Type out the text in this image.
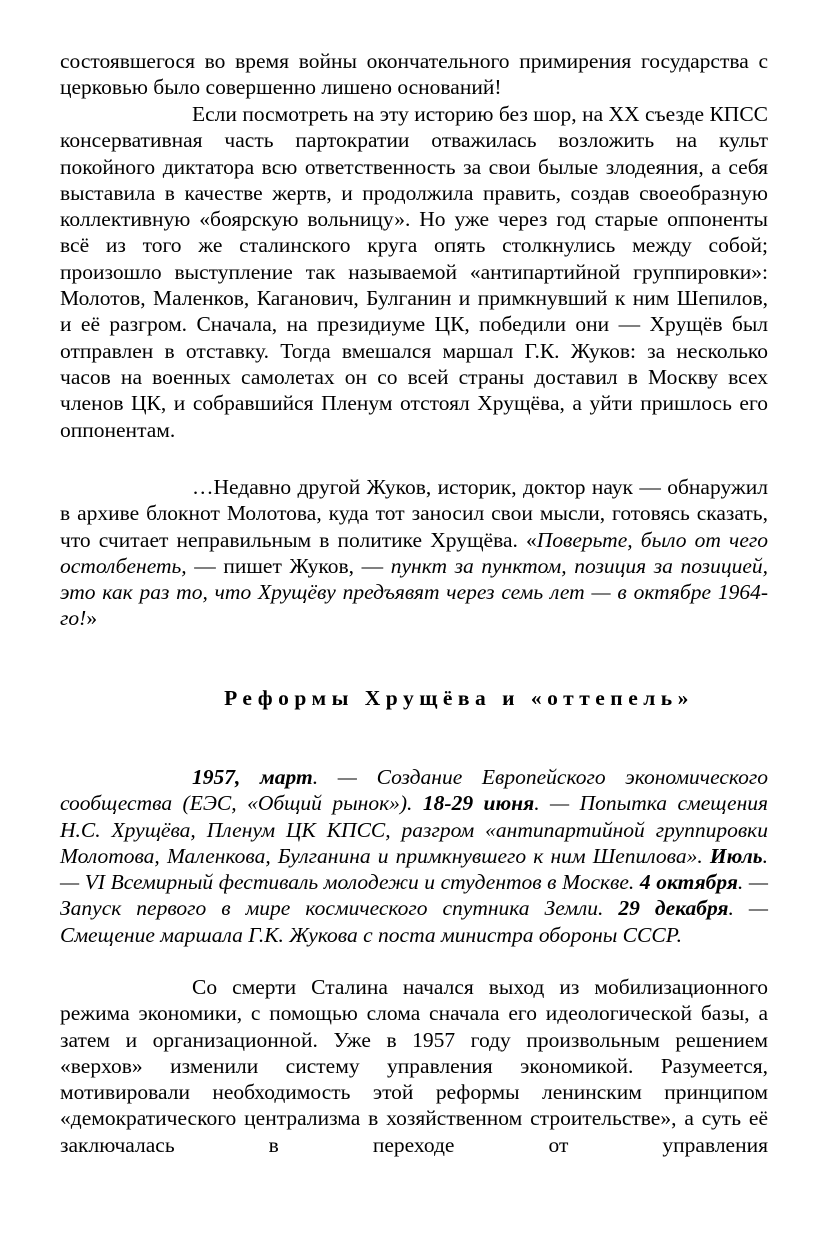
состоявшегося во время войны окончательного примирения государства с церковью было совершенно лишено оснований!

Если посмотреть на эту историю без шор, на XX съезде КПСС консервативная часть партократии отважилась возложить на культ покойного диктатора всю ответственность за свои былые злодеяния, а себя выставила в качестве жертв, и продолжила править, создав своеобразную коллективную «боярскую вольницу». Но уже через год старые оппоненты всё из того же сталинского круга опять столкнулись между собой; произошло выступление так называемой «антипартийной группировки»: Молотов, Маленков, Каганович, Булганин и примкнувший к ним Шепилов, и её разгром. Сначала, на президиуме ЦК, победили они — Хрущёв был отправлен в отставку. Тогда вмешался маршал Г.К. Жуков: за несколько часов на военных самолетах он со всей страны доставил в Москву всех членов ЦК, и собравшийся Пленум отстоял Хрущёва, а уйти пришлось его оппонентам.

…Недавно другой Жуков, историк, доктор наук — обнаружил в архиве блокнот Молотова, куда тот заносил свои мысли, готовясь сказать, что считает неправильным в политике Хрущёва. «Поверьте, было от чего остолбенеть, — пишет Жуков, — пункт за пунктом, позиция за позицией, это как раз то, что Хрущёву предъявят через семь лет — в октябре 1964-го!»

Реформы Хрущёва и «оттепель»

1957, март. — Создание Европейского экономического сообщества (ЕЭС, «Общий рынок»). 18-29 июня. — Попытка смещения Н.С. Хрущёва, Пленум ЦК КПСС, разгром «антипартийной группировки Молотова, Маленкова, Булганина и примкнувшего к ним Шепилова». Июль. — VI Всемирный фестиваль молодежи и студентов в Москве. 4 октября. — Запуск первого в мире космического спутника Земли. 29 декабря. — Смещение маршала Г.К. Жукова с поста министра обороны СССР.

Со смерти Сталина начался выход из мобилизационного режима экономики, с помощью слома сначала его идеологической базы, а затем и организационной. Уже в 1957 году произвольным решением «верхов» изменили систему управления экономикой. Разумеется, мотивировали необходимость этой реформы ленинским принципом «демократического централизма в хозяйственном строительстве», а суть её заключалась в переходе от управления
